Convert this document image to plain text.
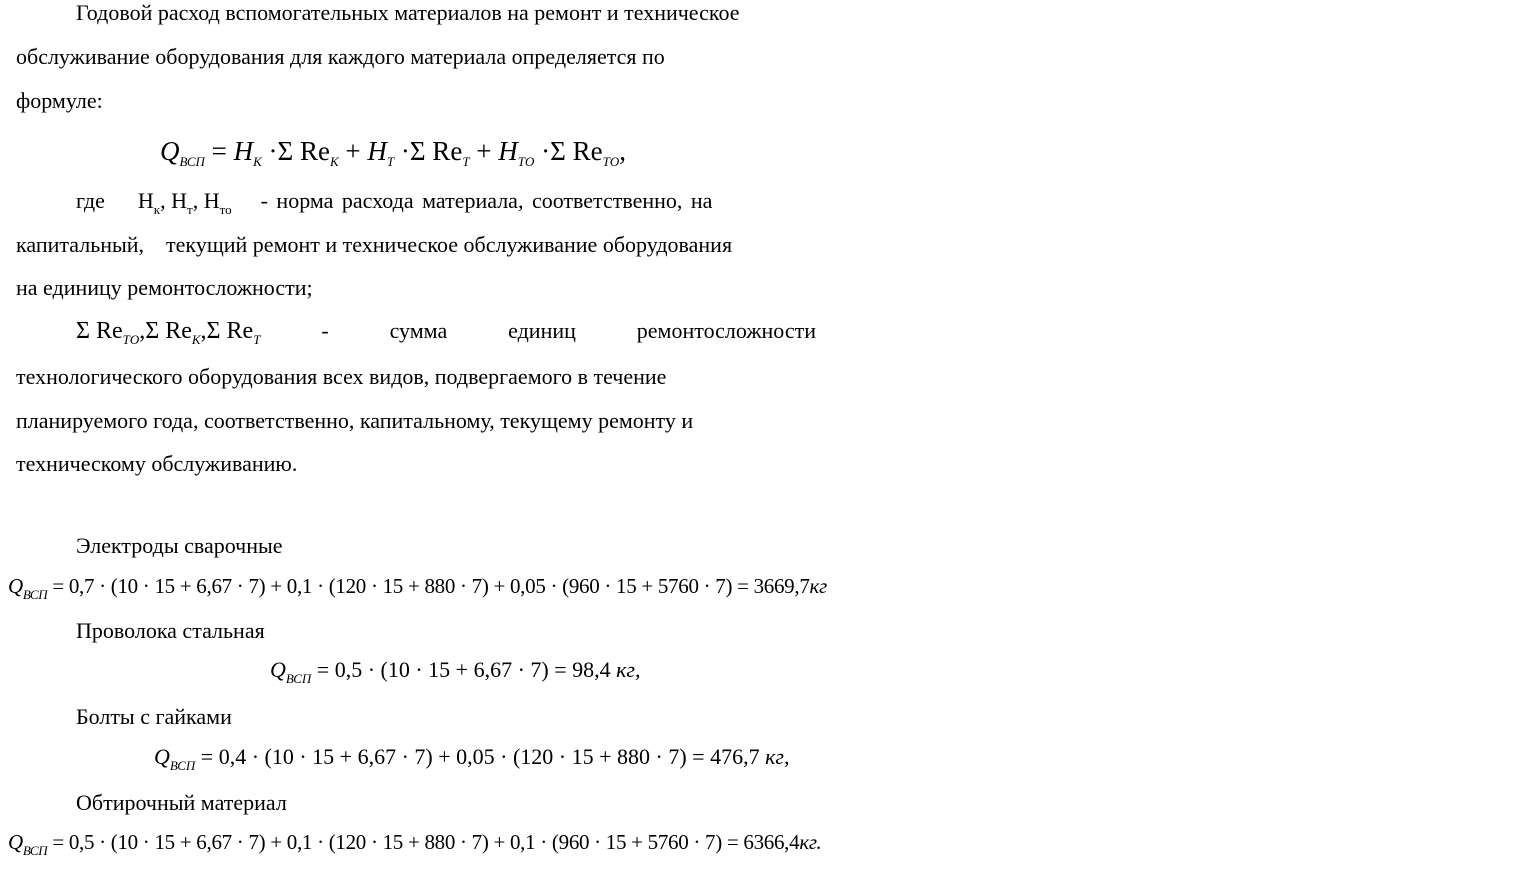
Годовой расход вспомогательных материалов на ремонт и техническое
обслуживание оборудования для каждого материала определяется по
формуле:
$Q_{ВСП} = H_К \cdot\Sigma$ $Re_К + H_Т \cdot\Sigma$ $Re_Т + H_{ТО} \cdot\Sigma$ $Re_{ТО}$,
где $Н_к$, $Н_т$, $Н_{то}$ - норма расхода материала, соответственно, на
капитальный,    текущий ремонт и техническое обслуживание оборудования
на единицу ремонтосложности;
Σ $Re_{ТО},\Sigma$ $Re_К,\Sigma$ $Re_Т$	-	сумма	единиц	ремонтосложности
технологического оборудования всех видов, подвергаемого в течение
планируемого года, соответственно, капитальному, текущему ремонту и
техническому обслуживанию.
Электроды сварочные
$Q_{ВСП} = 0,7 \cdot (10 \cdot 15 + 6,67 \cdot 7) + 0,1 \cdot (120 \cdot 15 + 880 \cdot 7) + 0,05 \cdot (960 \cdot 15 + 5760 \cdot 7) = 3669,7кг$
Проволока стальная
$Q_{ВСП} = 0,5 \cdot (10 \cdot 15 + 6,67 \cdot 7) = 98,4$ кг,
Болты с гайками
$Q_{ВСП} = 0,4 \cdot (10 \cdot 15 + 6,67 \cdot 7) + 0,05 \cdot (120 \cdot 15 + 880 \cdot 7) = 476,7$ кг,
Обтирочный материал
$Q_{ВСП} = 0,5 \cdot (10 \cdot 15 + 6,67 \cdot 7) + 0,1 \cdot (120 \cdot 15 + 880 \cdot 7) + 0,1 \cdot (960 \cdot 15 + 5760 \cdot 7) = 6366,4кг$.
